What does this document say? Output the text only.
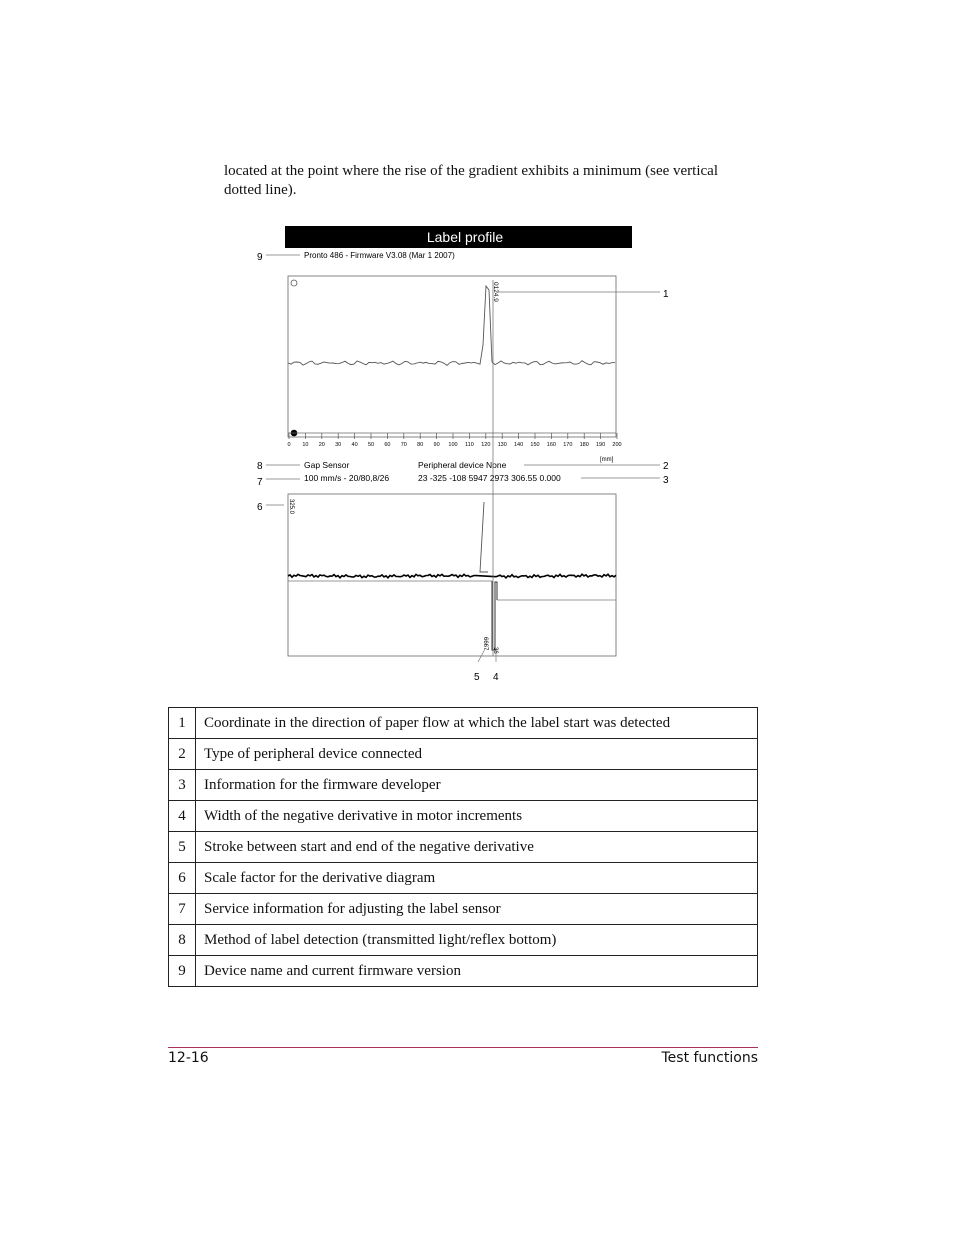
located at the point where the rise of the gradient exhibits a minimum (see vertical dotted line).

Label profile
Pronto 486 - Firmware V3.08 (Mar 1 2007)
9
0124.9	1
0 10 20 30 40 50 60 70 80 90 100 110 120 130 140 150 160 170 180 190 200
[mm]
8	Gap Sensor	Peripheral device None	2
7	100 mm/s - 20/80,8/26	23 -325 -108 5947 2973 306.55 0.000	3
6	325.0
6667 36
5 4
1	Coordinate in the direction of paper flow at which the label start was detected
2	Type of peripheral device connected
3	Information for the firmware developer
4	Width of the negative derivative in motor increments
5	Stroke between start and end of the negative derivative
6	Scale factor for the derivative diagram
7	Service information for adjusting the label sensor
8	Method of label detection (transmitted light/reflex bottom)
9	Device name and current firmware version
12-16	Test functions
